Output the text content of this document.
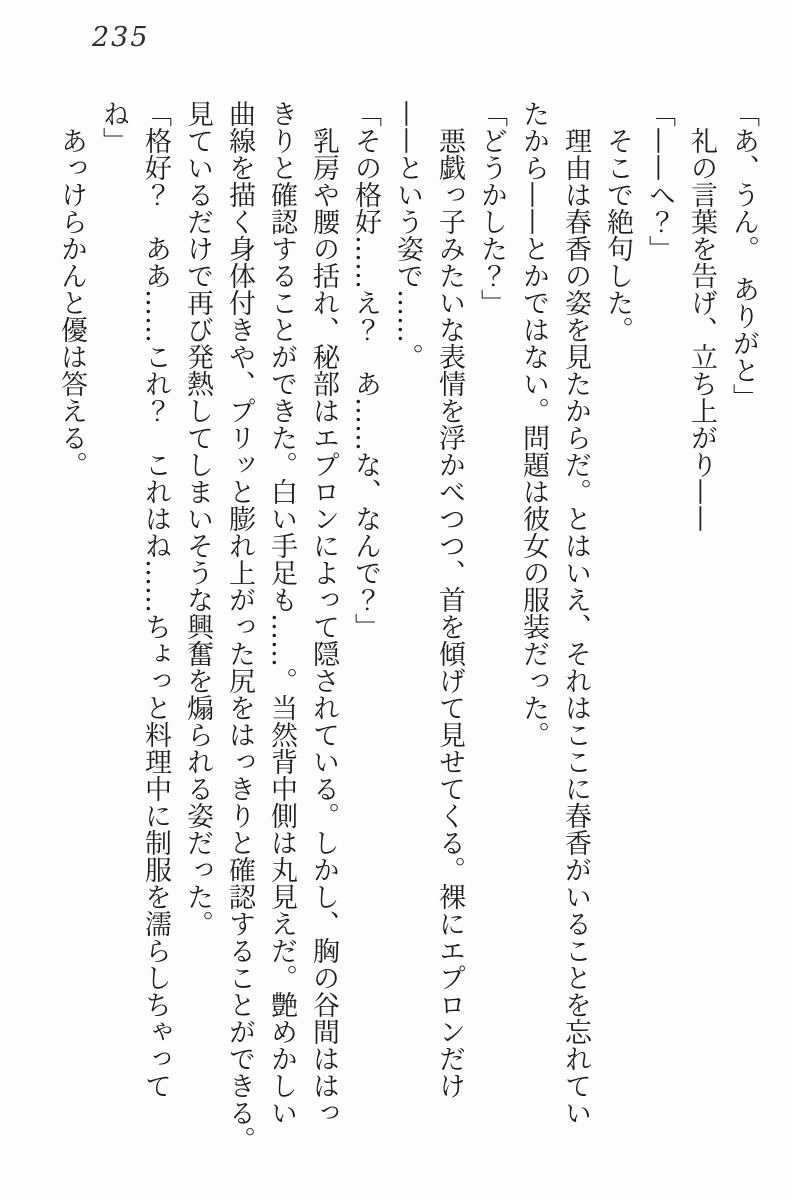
235
「あ、うん。　ありがと」
　礼の言葉を告げ、立ち上がり——
「——へ？」
　そこで絶句した。
　理由は春香の姿を見たからだ。とはいえ、それはここに春香がいることを忘れてい
たから——とかではない。問題は彼女の服装だった。
「どうかした？」
　悪戯っ子みたいな表情を浮かべつつ、首を傾げて見せてくる。裸にエプロンだけ
——という姿で……。
「その格好……え？　あ……な、なんで？」
　乳房や腰の括れ、秘部はエプロンによって隠されている。しかし、胸の谷間ははっ
きりと確認することができた。白い手足も……。当然背中側は丸見えだ。艶めかしい
曲線を描く身体付きや、プリッと膨れ上がった尻をはっきりと確認することができる。
見ているだけで再び発熱してしまいそうな興奮を煽られる姿だった。
「格好？　ああ……これ？　これはね……ちょっと料理中に制服を濡らしちゃって
ね」
　あっけらかんと優は答える。
